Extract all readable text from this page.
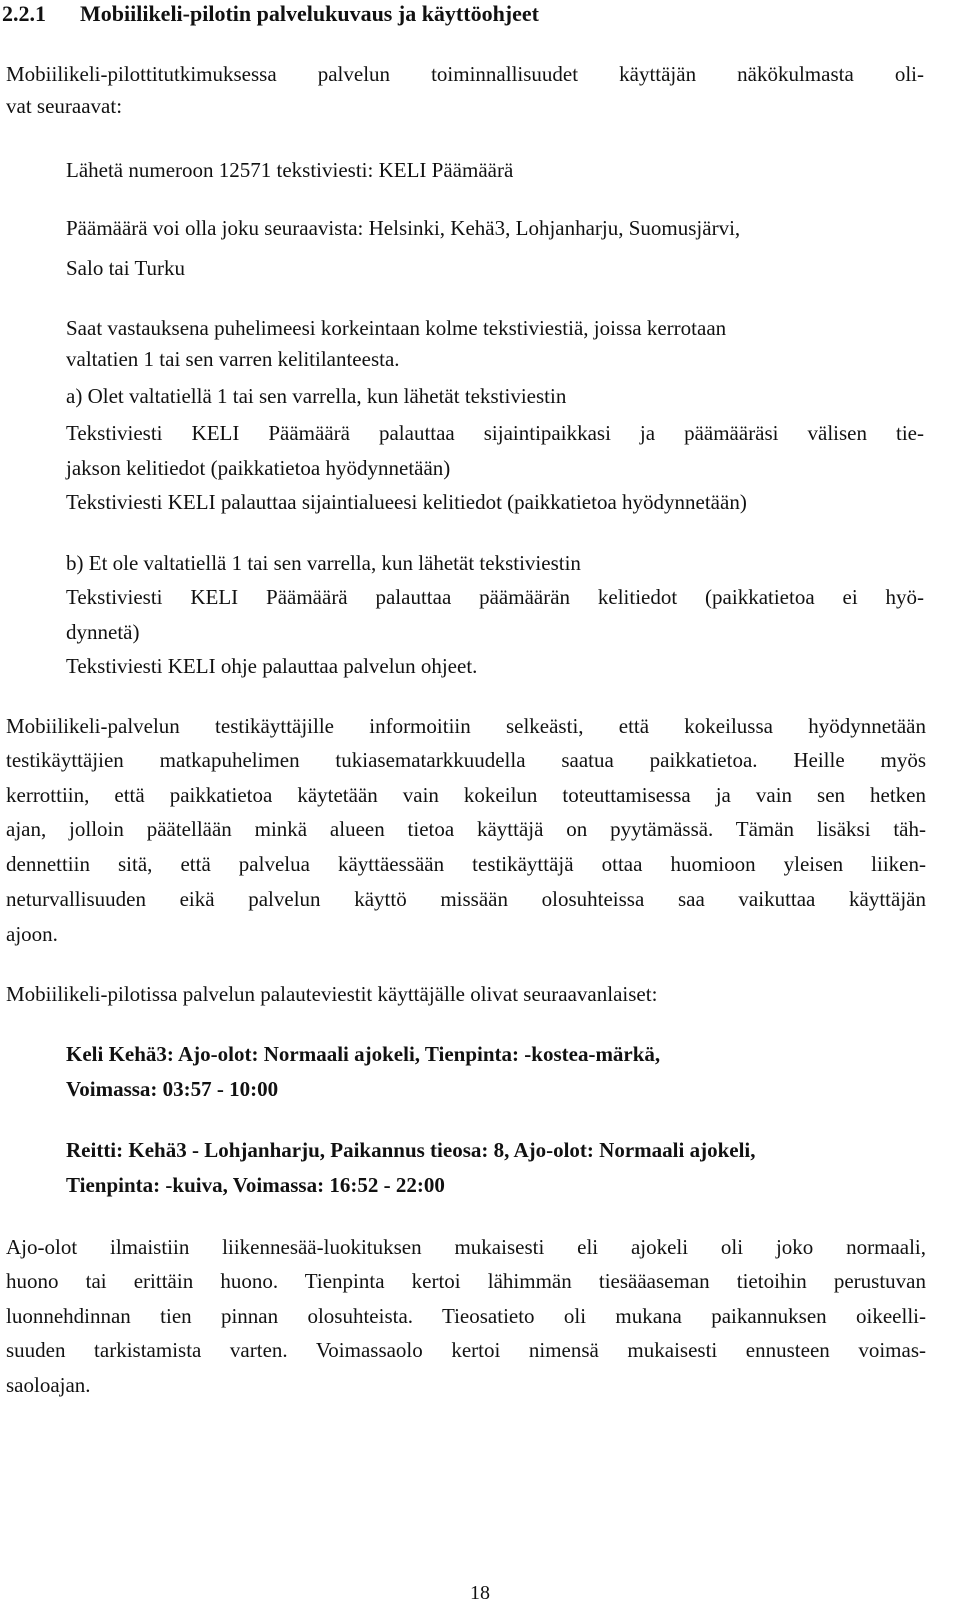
2.2.1 Mobiilikeli-pilotin palvelukuvaus ja käyttöohjeet
Mobiilikeli-pilottitutkimuksessa palvelun toiminnallisuudet käyttäjän näkökulmasta oli-
vat seuraavat:
Lähetä numeroon 12571 tekstiviesti: KELI Päämäärä
Päämäärä voi olla joku seuraavista: Helsinki, Kehä3, Lohjanharju, Suomusjärvi,
Salo tai Turku
Saat vastauksena puhelimeesi korkeintaan kolme tekstiviestiä, joissa kerrotaan
valtatien 1 tai sen varren kelitilanteesta.
a) Olet valtatiellä 1 tai sen varrella, kun lähetät tekstiviestin
Tekstiviesti KELI Päämäärä palauttaa sijaintipaikkasi ja päämääräsi välisen tie-
jakson kelitiedot (paikkatietoa hyödynnetään)
Tekstiviesti KELI palauttaa sijaintialueesi kelitiedot (paikkatietoa hyödynnetään)
b) Et ole valtatiellä 1 tai sen varrella, kun lähetät tekstiviestin
Tekstiviesti KELI Päämäärä palauttaa päämäärän kelitiedot (paikkatietoa ei hyö-
dynnetä)
Tekstiviesti KELI ohje palauttaa palvelun ohjeet.
Mobiilikeli-palvelun testikäyttäjille informoitiin selkeästi, että kokeilussa hyödynnetään
testikäyttäjien matkapuhelimen tukiasematarkkuudella saatua paikkatietoa. Heille myös
kerrottiin, että paikkatietoa käytetään vain kokeilun toteuttamisessa ja vain sen hetken
ajan, jolloin päätellään minkä alueen tietoa käyttäjä on pyytämässä. Tämän lisäksi täh-
dennettiin sitä, että palvelua käyttäessään testikäyttäjä ottaa huomioon yleisen liiken-
neturvallisuuden eikä palvelun käyttö missään olosuhteissa saa vaikuttaa käyttäjän
ajoon.
Mobiilikeli-pilotissa palvelun palauteviestit käyttäjälle olivat seuraavanlaiset:
Keli Kehä3: Ajo-olot: Normaali ajokeli, Tienpinta: -kostea-märkä,
Voimassa: 03:57 - 10:00
Reitti: Kehä3 - Lohjanharju, Paikannus tieosa: 8, Ajo-olot: Normaali ajokeli,
Tienpinta: -kuiva, Voimassa: 16:52 - 22:00
Ajo-olot ilmaistiin liikennesää-luokituksen mukaisesti eli ajokeli oli joko normaali,
huono tai erittäin huono. Tienpinta kertoi lähimmän tiesääaseman tietoihin perustuvan
luonnehdinnan tien pinnan olosuhteista. Tieosatieto oli mukana paikannuksen oikeelli-
suuden tarkistamista varten. Voimassaolo kertoi nimensä mukaisesti ennusteen voimas-
saoloajan.
18
